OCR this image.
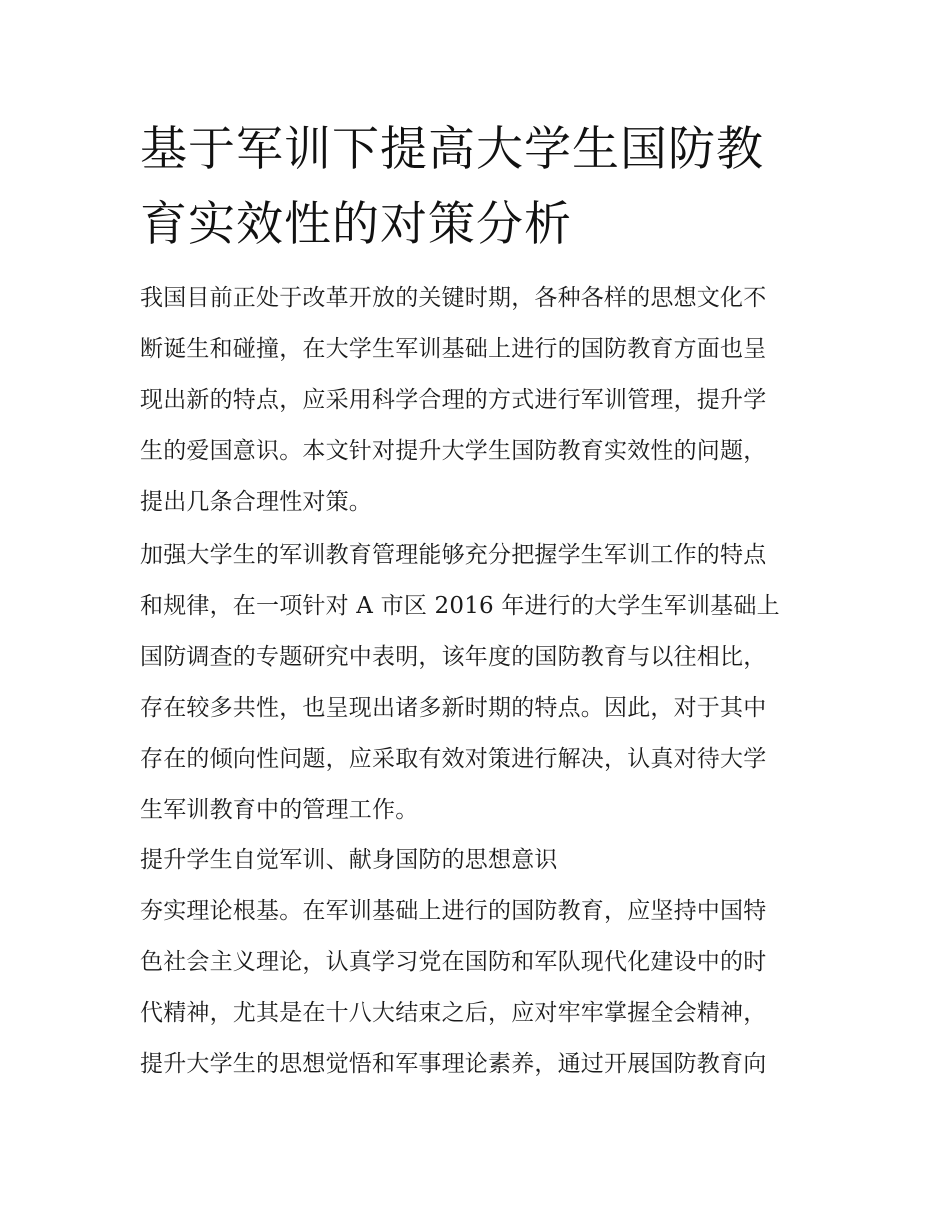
基于军训下提高大学生国防教
育实效性的对策分析

我国目前正处于改革开放的关键时期，各种各样的思想文化不
断诞生和碰撞，在大学生军训基础上进行的国防教育方面也呈
现出新的特点，应采用科学合理的方式进行军训管理，提升学
生的爱国意识。本文针对提升大学生国防教育实效性的问题，
提出几条合理性对策。

加强大学生的军训教育管理能够充分把握学生军训工作的特点
和规律，在一项针对 A 市区 2016 年进行的大学生军训基础上
国防调查的专题研究中表明，该年度的国防教育与以往相比，
存在较多共性，也呈现出诸多新时期的特点。因此，对于其中
存在的倾向性问题，应采取有效对策进行解决，认真对待大学
生军训教育中的管理工作。

提升学生自觉军训、献身国防的思想意识

夯实理论根基。在军训基础上进行的国防教育，应坚持中国特
色社会主义理论，认真学习党在国防和军队现代化建设中的时
代精神，尤其是在十八大结束之后，应对牢牢掌握全会精神，
提升大学生的思想觉悟和军事理论素养，通过开展国防教育向
